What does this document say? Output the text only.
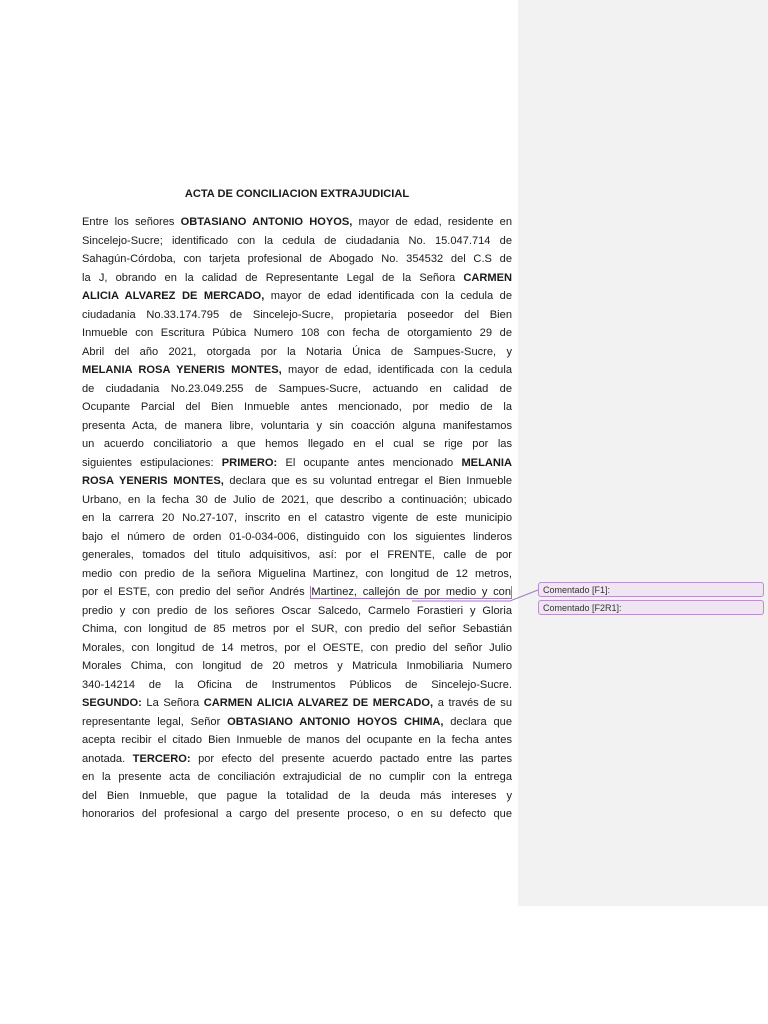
ACTA DE CONCILIACION EXTRAJUDICIAL

Entre los señores OBTASIANO ANTONIO HOYOS, mayor de edad, residente en

Sincelejo-Sucre; identificado con la cedula de ciudadania No. 15.047.714 de

Sahagún-Córdoba, con tarjeta profesional de Abogado No. 354532 del C.S de

la J, obrando en la calidad de Representante Legal de la Señora CARMEN

ALICIA ALVAREZ DE MERCADO, mayor de edad identificada con la cedula de

ciudadania No.33.174.795 de Sincelejo-Sucre, propietaria poseedor del Bien

Inmueble con Escritura Púbica Numero 108 con fecha de otorgamiento 29 de

Abril del año 2021, otorgada por la Notaria Única de Sampues-Sucre, y

MELANIA ROSA YENERIS MONTES, mayor de edad, identificada con la cedula

de ciudadania No.23.049.255 de Sampues-Sucre, actuando en calidad de

Ocupante Parcial del Bien Inmueble antes mencionado, por medio de la

presenta Acta, de manera libre, voluntaria y sin coacción alguna manifestamos

un acuerdo conciliatorio a que hemos llegado en el cual se rige por las

siguientes estipulaciones: PRIMERO: El ocupante antes mencionado MELANIA

ROSA YENERIS MONTES, declara que es su voluntad entregar el Bien Inmueble

Urbano, en la fecha 30 de Julio de 2021, que describo a continuación; ubicado

en la carrera 20 No.27-107, inscrito en el catastro vigente de este municipio

bajo el número de orden 01-0-034-006, distinguido con los siguientes linderos

generales, tomados del titulo adquisitivos, así: por el FRENTE, calle de por

medio con predio de la señora Miguelina Martinez, con longitud de 12 metros,

por el ESTE, con predio del señor Andrés Martinez, callejón de por medio y con

predio y con predio de los señores Oscar Salcedo, Carmelo Forastieri y Gloria

Chima, con longitud de 85 metros por el SUR, con predio del señor Sebastián

Morales, con longitud de 14 metros, por el OESTE, con predio del señor Julio

Morales Chima, con longitud de 20 metros y Matricula Inmobiliaria Numero

340-14214 de la Oficina de Instrumentos Públicos de Sincelejo-Sucre.

SEGUNDO: La Señora CARMEN ALICIA ALVAREZ DE MERCADO, a través de su

representante legal, Señor OBTASIANO ANTONIO HOYOS CHIMA, declara que

acepta recibir el citado Bien Inmueble de manos del ocupante en la fecha antes

anotada. TERCERO: por efecto del presente acuerdo pactado entre las partes

en la presente acta de conciliación extrajudicial de no cumplir con la entrega

del Bien Inmueble, que pague la totalidad de la deuda más intereses y

honorarios del profesional a cargo del presente proceso, o en su defecto que

Comentado [F1]:
Comentado [F2R1]:
